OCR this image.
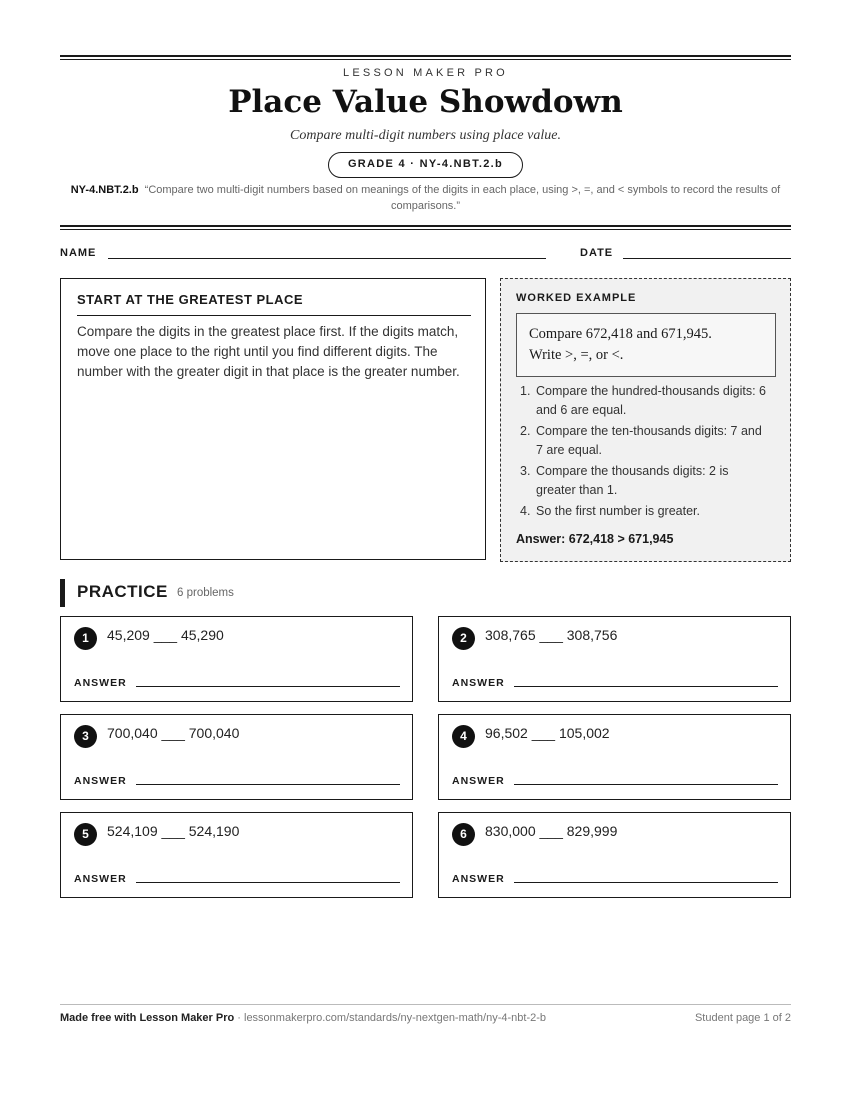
LESSON MAKER PRO
Place Value Showdown
Compare multi-digit numbers using place value.
GRADE 4 · NY-4.NBT.2.b
NY-4.NBT.2.b “Compare two multi-digit numbers based on meanings of the digits in each place, using >, =, and < symbols to record the results of comparisons.”
NAME	DATE
START AT THE GREATEST PLACE

Compare the digits in the greatest place first. If the digits match, move one place to the right until you find different digits. The number with the greater digit in that place is the greater number.

WORKED EXAMPLE
Compare 672,418 and 671,945.
Write >, =, or <.
1. Compare the hundred-thousands digits: 6 and 6 are equal.
2. Compare the ten-thousands digits: 7 and 7 are equal.
3. Compare the thousands digits: 2 is greater than 1.
4. So the first number is greater.
Answer: 672,418 > 671,945
PRACTICE 6 problems
1	45,209 ___ 45,290
ANSWER
2	308,765 ___ 308,756
ANSWER
3	700,040 ___ 700,040
ANSWER
4	96,502 ___ 105,002
ANSWER
5	524,109 ___ 524,190
ANSWER
6	830,000 ___ 829,999
ANSWER
Made free with Lesson Maker Pro · lessonmakerpro.com/standards/ny-nextgen-math/ny-4-nbt-2-b	Student page 1 of 2
